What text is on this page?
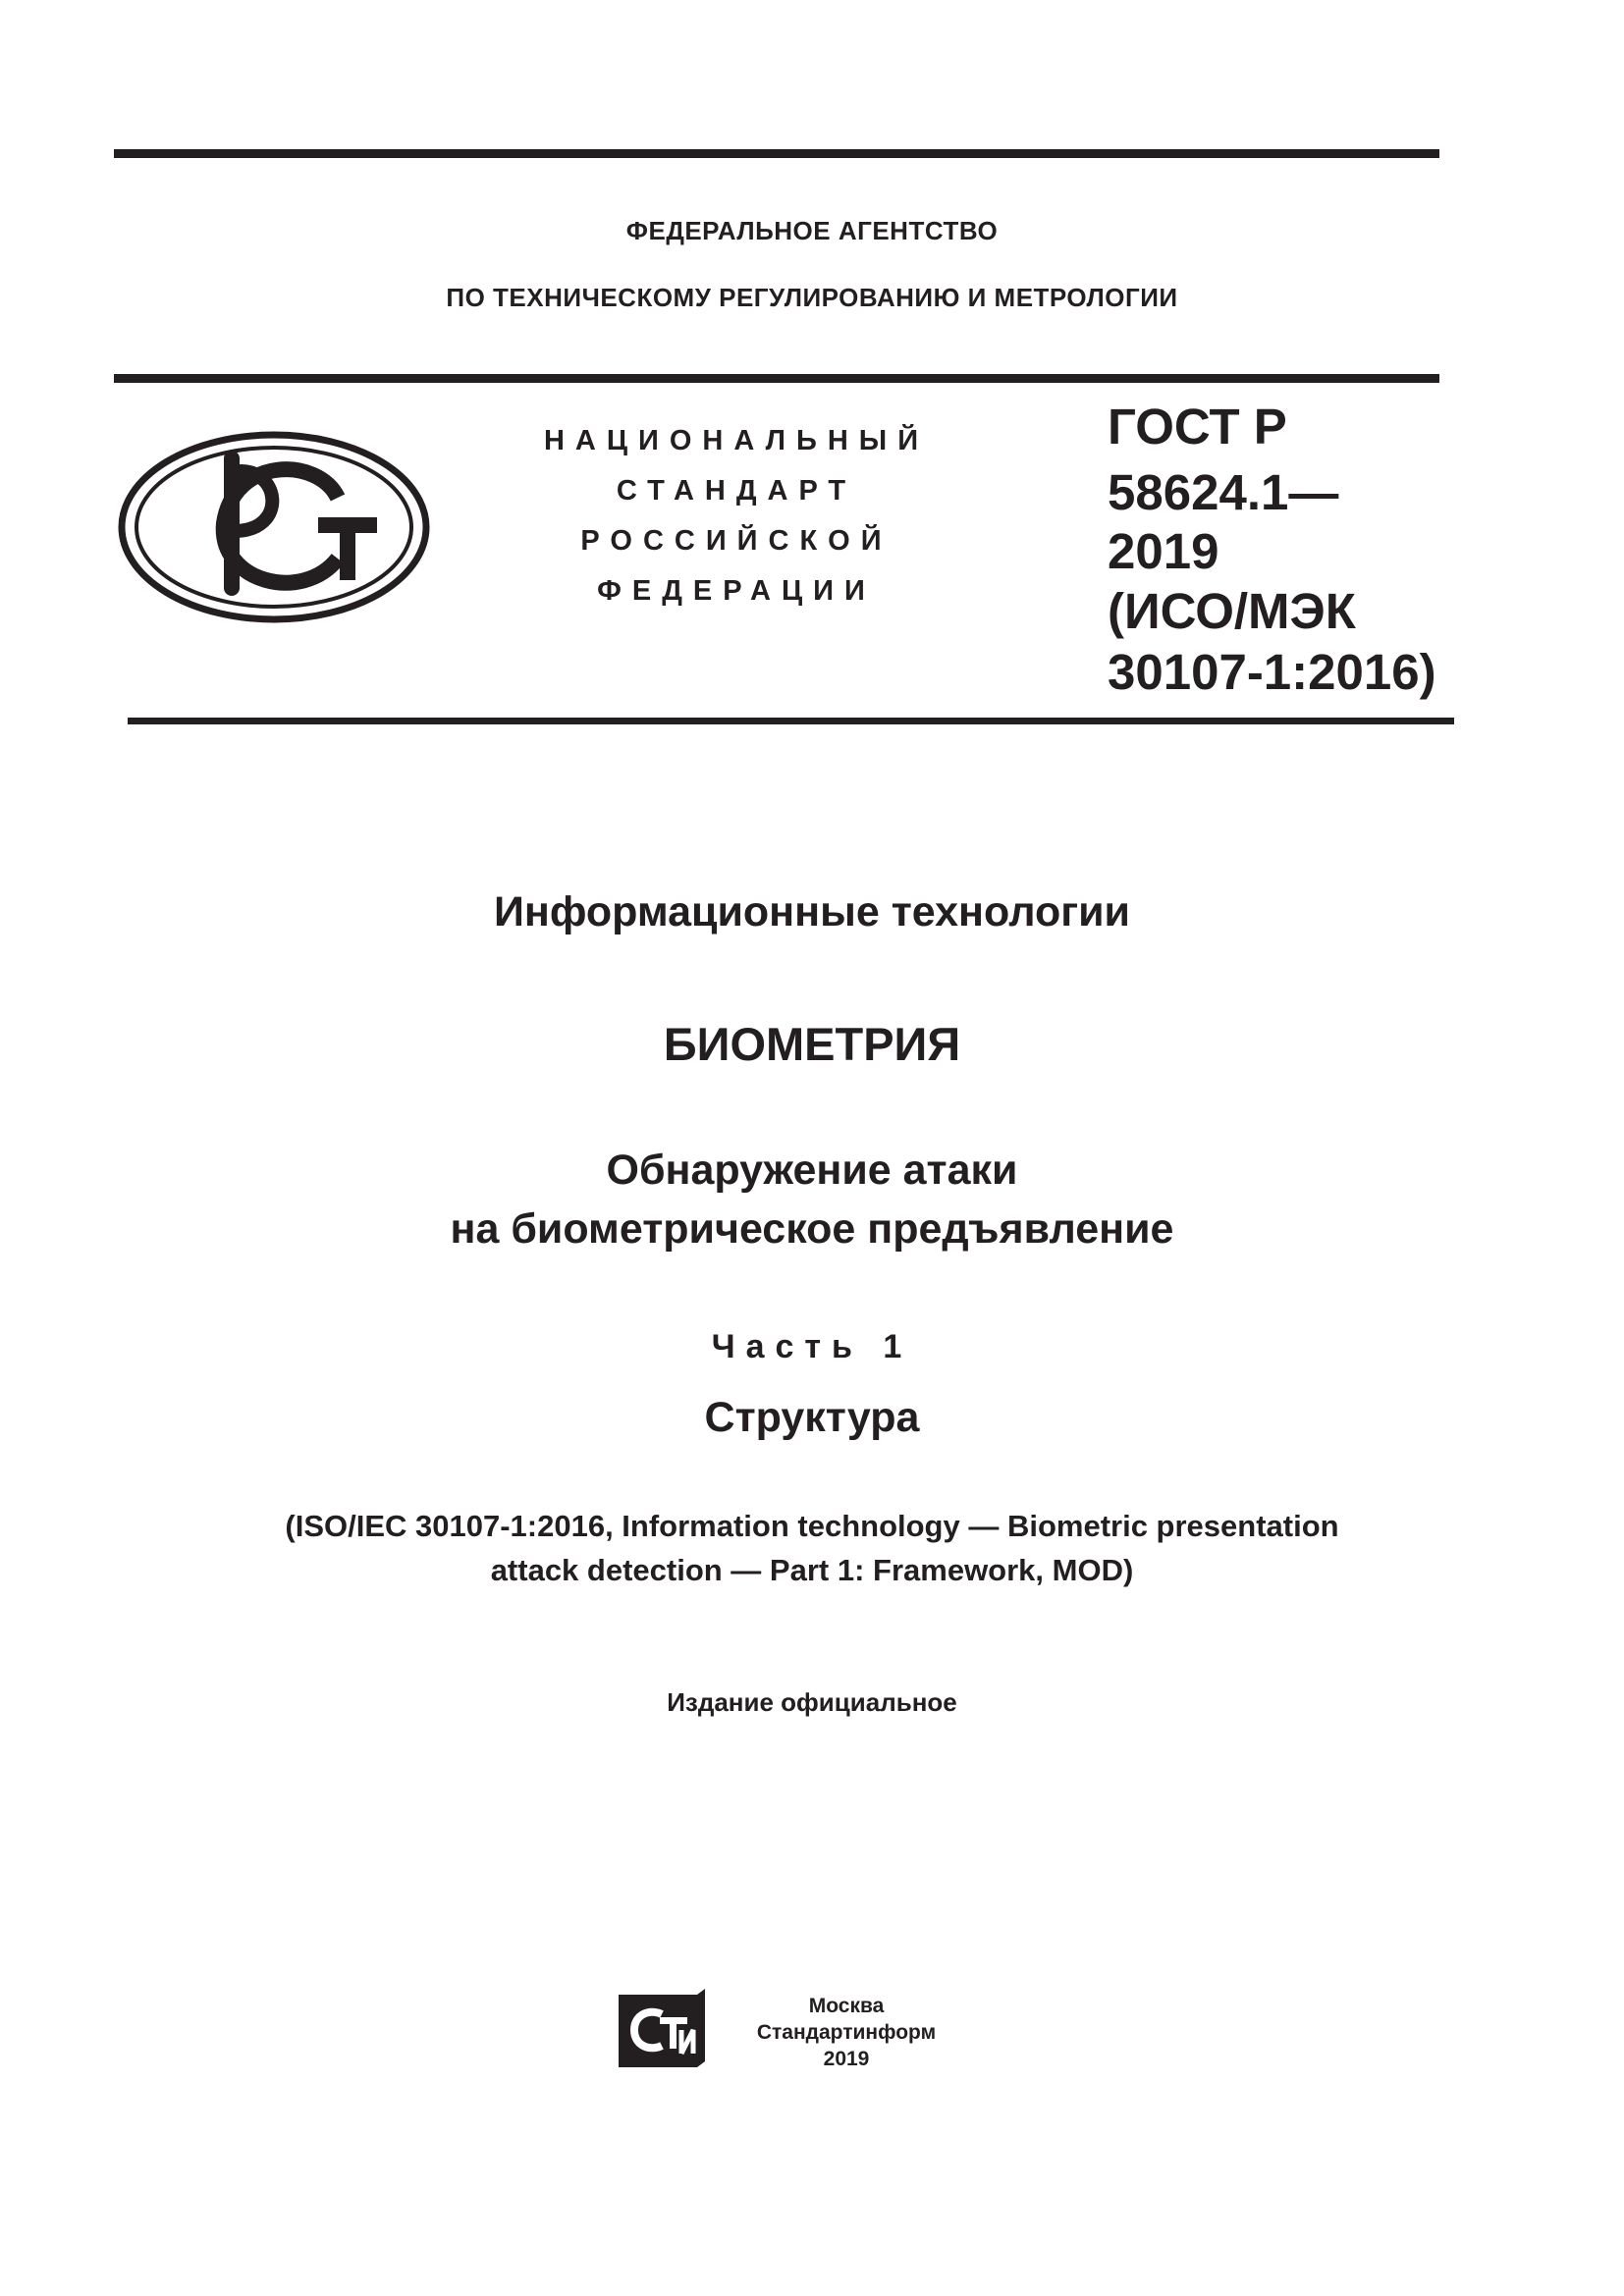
ФЕДЕРАЛЬНОЕ АГЕНТСТВО
ПО ТЕХНИЧЕСКОМУ РЕГУЛИРОВАНИЮ И МЕТРОЛОГИИ
НАЦИОНАЛЬНЫЙ
СТАНДАРТ
РОССИЙСКОЙ
ФЕДЕРАЦИИ
ГОСТ Р
58624.1—
2019
(ИСО/МЭК
30107-1:2016)
Информационные технологии
БИОМЕТРИЯ
Обнаружение атаки
на биометрическое предъявление
Часть 1
Структура
(ISO/IEC 30107-1:2016, Information technology — Biometric presentation
attack detection — Part 1: Framework, MOD)
Издание официальное
Москва
Стандартинформ
2019
